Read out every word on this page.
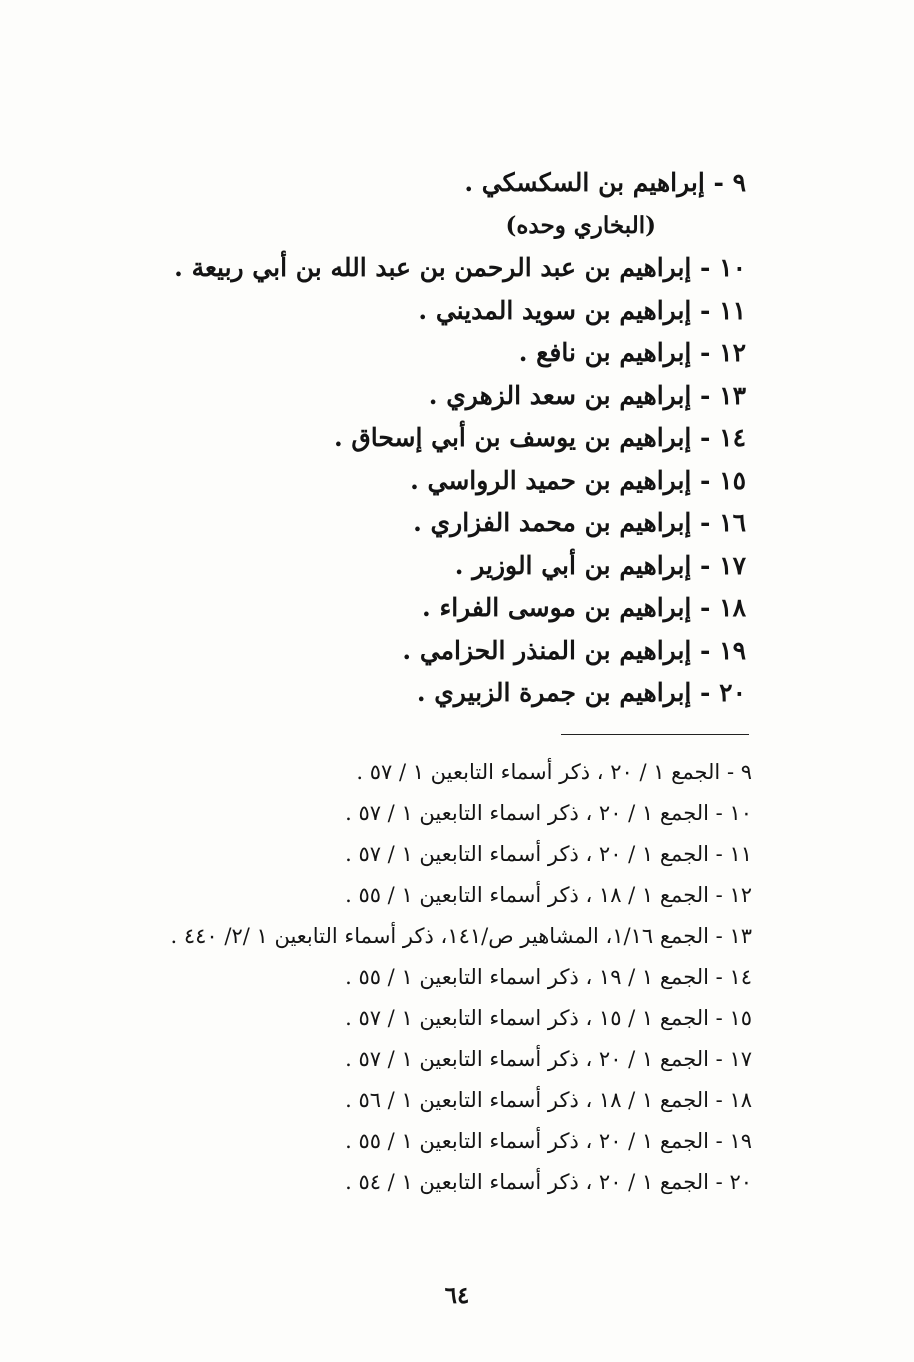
٩ - إبراهيم بن السكسكي .
(البخاري وحده)
١٠ - إبراهيم بن عبد الرحمن بن عبد الله بن أبي ربيعة .
١١ - إبراهيم بن سويد المديني .
١٢ - إبراهيم بن نافع .
١٣ - إبراهيم بن سعد الزهري .
١٤ - إبراهيم بن يوسف بن أبي إسحاق .
١٥ - إبراهيم بن حميد الرواسي .
١٦ - إبراهيم بن محمد الفزاري .
١٧ - إبراهيم بن أبي الوزير .
١٨ - إبراهيم بن موسى الفراء .
١٩ - إبراهيم بن المنذر الحزامي .
٢٠ - إبراهيم بن جمرة الزبيري .
٩ - الجمع ١ / ٢٠ ، ذكر أسماء التابعين ١ / ٥٧ .
١٠ - الجمع ١ / ٢٠ ، ذكر اسماء التابعين ١ / ٥٧ .
١١ - الجمع ١ / ٢٠ ، ذكر أسماء التابعين ١ / ٥٧ .
١٢ - الجمع ١ / ١٨ ، ذكر أسماء التابعين ١ / ٥٥ .
١٣ - الجمع ١/١٦، المشاهير ص/١٤١، ذكر أسماء التابعين ١ /٢/ ٤٤٠ .
١٤ - الجمع ١ / ١٩ ، ذكر اسماء التابعين ١ / ٥٥ .
١٥ - الجمع ١ / ١٥ ، ذكر اسماء التابعين ١ / ٥٧ .
١٧ - الجمع ١ / ٢٠ ، ذكر أسماء التابعين ١ / ٥٧ .
١٨ - الجمع ١ / ١٨ ، ذكر أسماء التابعين ١ / ٥٦ .
١٩ - الجمع ١ / ٢٠ ، ذكر أسماء التابعين ١ / ٥٥ .
٢٠ - الجمع ١ / ٢٠ ، ذكر أسماء التابعين ١ / ٥٤ .
٦٤
